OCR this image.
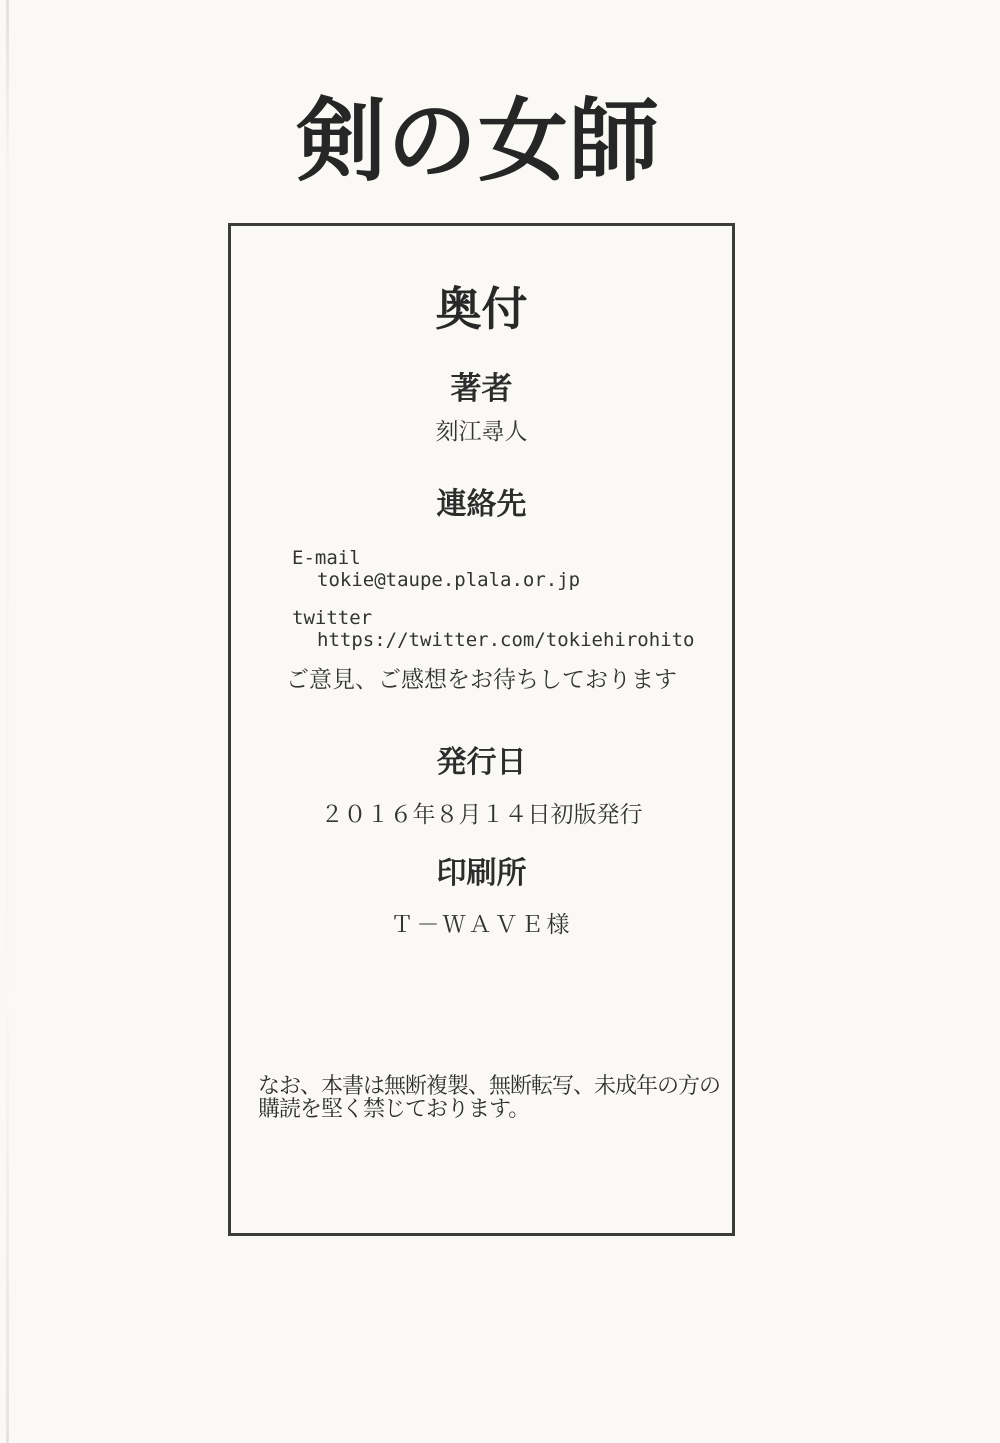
剣の女師
奥付
著者
刻江尋人
連絡先
E-mail
tokie@taupe.plala.or.jp
twitter
https://twitter.com/tokiehirohito
ご意見、ご感想をお待ちしております
発行日
２０１６年８月１４日初版発行
印刷所
Ｔ－ＷＡＶＥ様
なお、本書は無断複製、無断転写、未成年の方の
購読を堅く禁じております。
